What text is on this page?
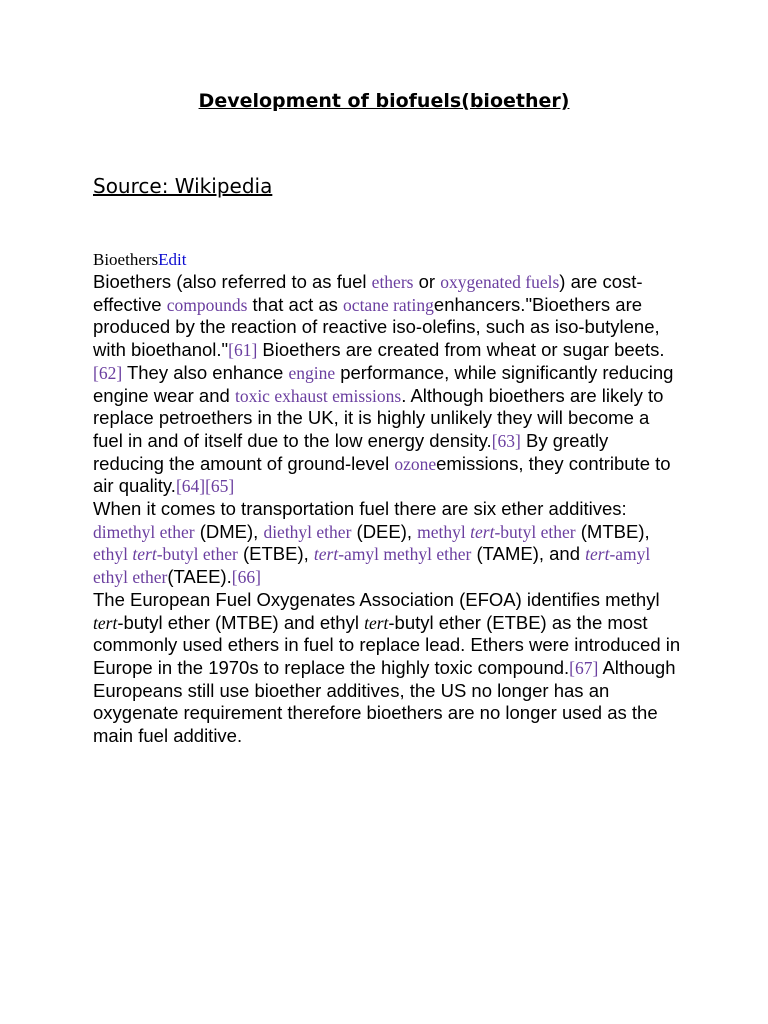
Development of biofuels(bioether)
Source: Wikipedia
BioethersEdit

Bioethers (also referred to as fuel ethers or oxygenated fuels) are cost-effective compounds that act as octane ratingenhancers."Bioethers are produced by the reaction of reactive iso-olefins, such as iso-butylene, with bioethanol."[61] Bioethers are created from wheat or sugar beets.[62] They also enhance engine performance, while significantly reducing engine wear and toxic exhaust emissions. Although bioethers are likely to replace petroethers in the UK, it is highly unlikely they will become a fuel in and of itself due to the low energy density.[63] By greatly reducing the amount of ground-level ozoneemissions, they contribute to air quality.[64][65]

When it comes to transportation fuel there are six ether additives: dimethyl ether (DME), diethyl ether (DEE), methyl tert-butyl ether (MTBE), ethyl tert-butyl ether (ETBE), tert-amyl methyl ether (TAME), and tert-amyl ethyl ether(TAEE).[66]

The European Fuel Oxygenates Association (EFOA) identifies methyl tert-butyl ether (MTBE) and ethyl tert-butyl ether (ETBE) as the most commonly used ethers in fuel to replace lead. Ethers were introduced in Europe in the 1970s to replace the highly toxic compound.[67] Although Europeans still use bioether additives, the US no longer has an oxygenate requirement therefore bioethers are no longer used as the main fuel additive.
